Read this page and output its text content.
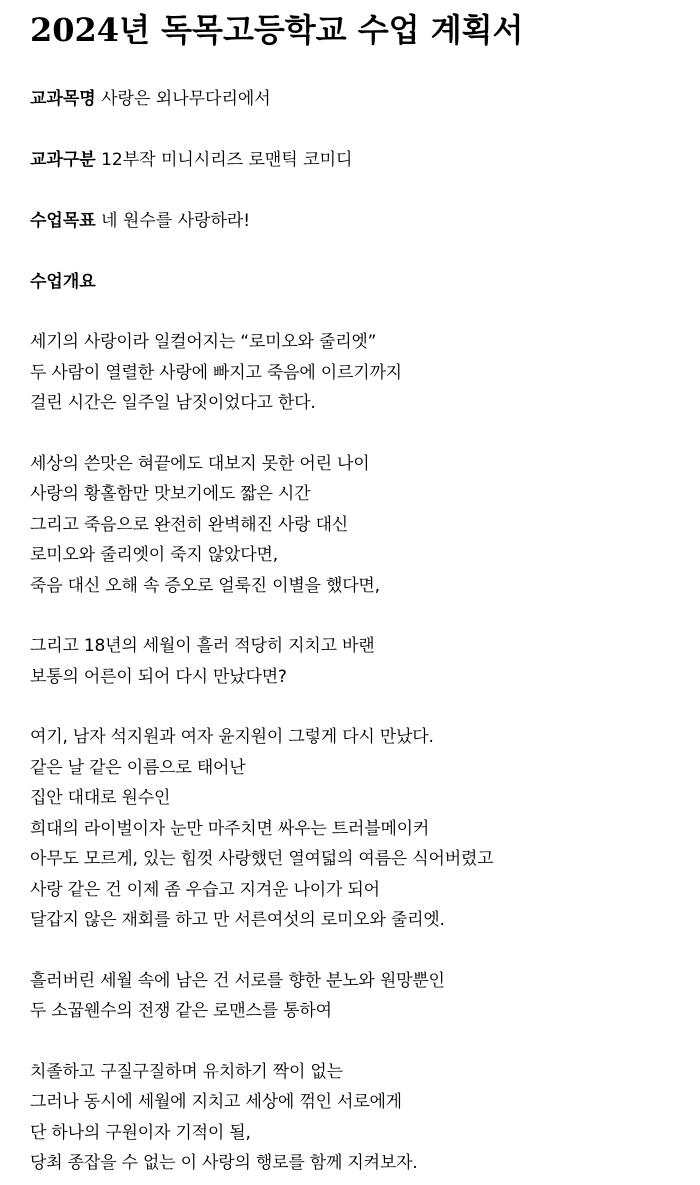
2024년 독목고등학교 수업 계획서
교과목명 사랑은 외나무다리에서
교과구분 12부작 미니시리즈 로맨틱 코미디
수업목표 네 원수를 사랑하라!
수업개요
세기의 사랑이라 일컬어지는 “로미오와 줄리엣”
두 사람이 열렬한 사랑에 빠지고 죽음에 이르기까지
걸린 시간은 일주일 남짓이었다고 한다.
세상의 쓴맛은 혀끝에도 대보지 못한 어린 나이
사랑의 황홀함만 맛보기에도 짧은 시간
그리고 죽음으로 완전히 완벽해진 사랑 대신
로미오와 줄리엣이 죽지 않았다면,
죽음 대신 오해 속 증오로 얼룩진 이별을 했다면,
그리고 18년의 세월이 흘러 적당히 지치고 바랜
보통의 어른이 되어 다시 만났다면?
여기, 남자 석지원과 여자 윤지원이 그렇게 다시 만났다.
같은 날 같은 이름으로 태어난
집안 대대로 원수인
희대의 라이벌이자 눈만 마주치면 싸우는 트러블메이커
아무도 모르게, 있는 힘껏 사랑했던 열여덟의 여름은 식어버렸고
사랑 같은 건 이제 좀 우습고 지겨운 나이가 되어
달갑지 않은 재회를 하고 만 서른여섯의 로미오와 줄리엣.
흘러버린 세월 속에 남은 건 서로를 향한 분노와 원망뿐인
두 소꿉웬수의 전쟁 같은 로맨스를 통하여
치졸하고 구질구질하며 유치하기 짝이 없는
그러나 동시에 세월에 지치고 세상에 꺾인 서로에게
단 하나의 구원이자 기적이 될,
당최 종잡을 수 없는 이 사랑의 행로를 함께 지켜보자.
